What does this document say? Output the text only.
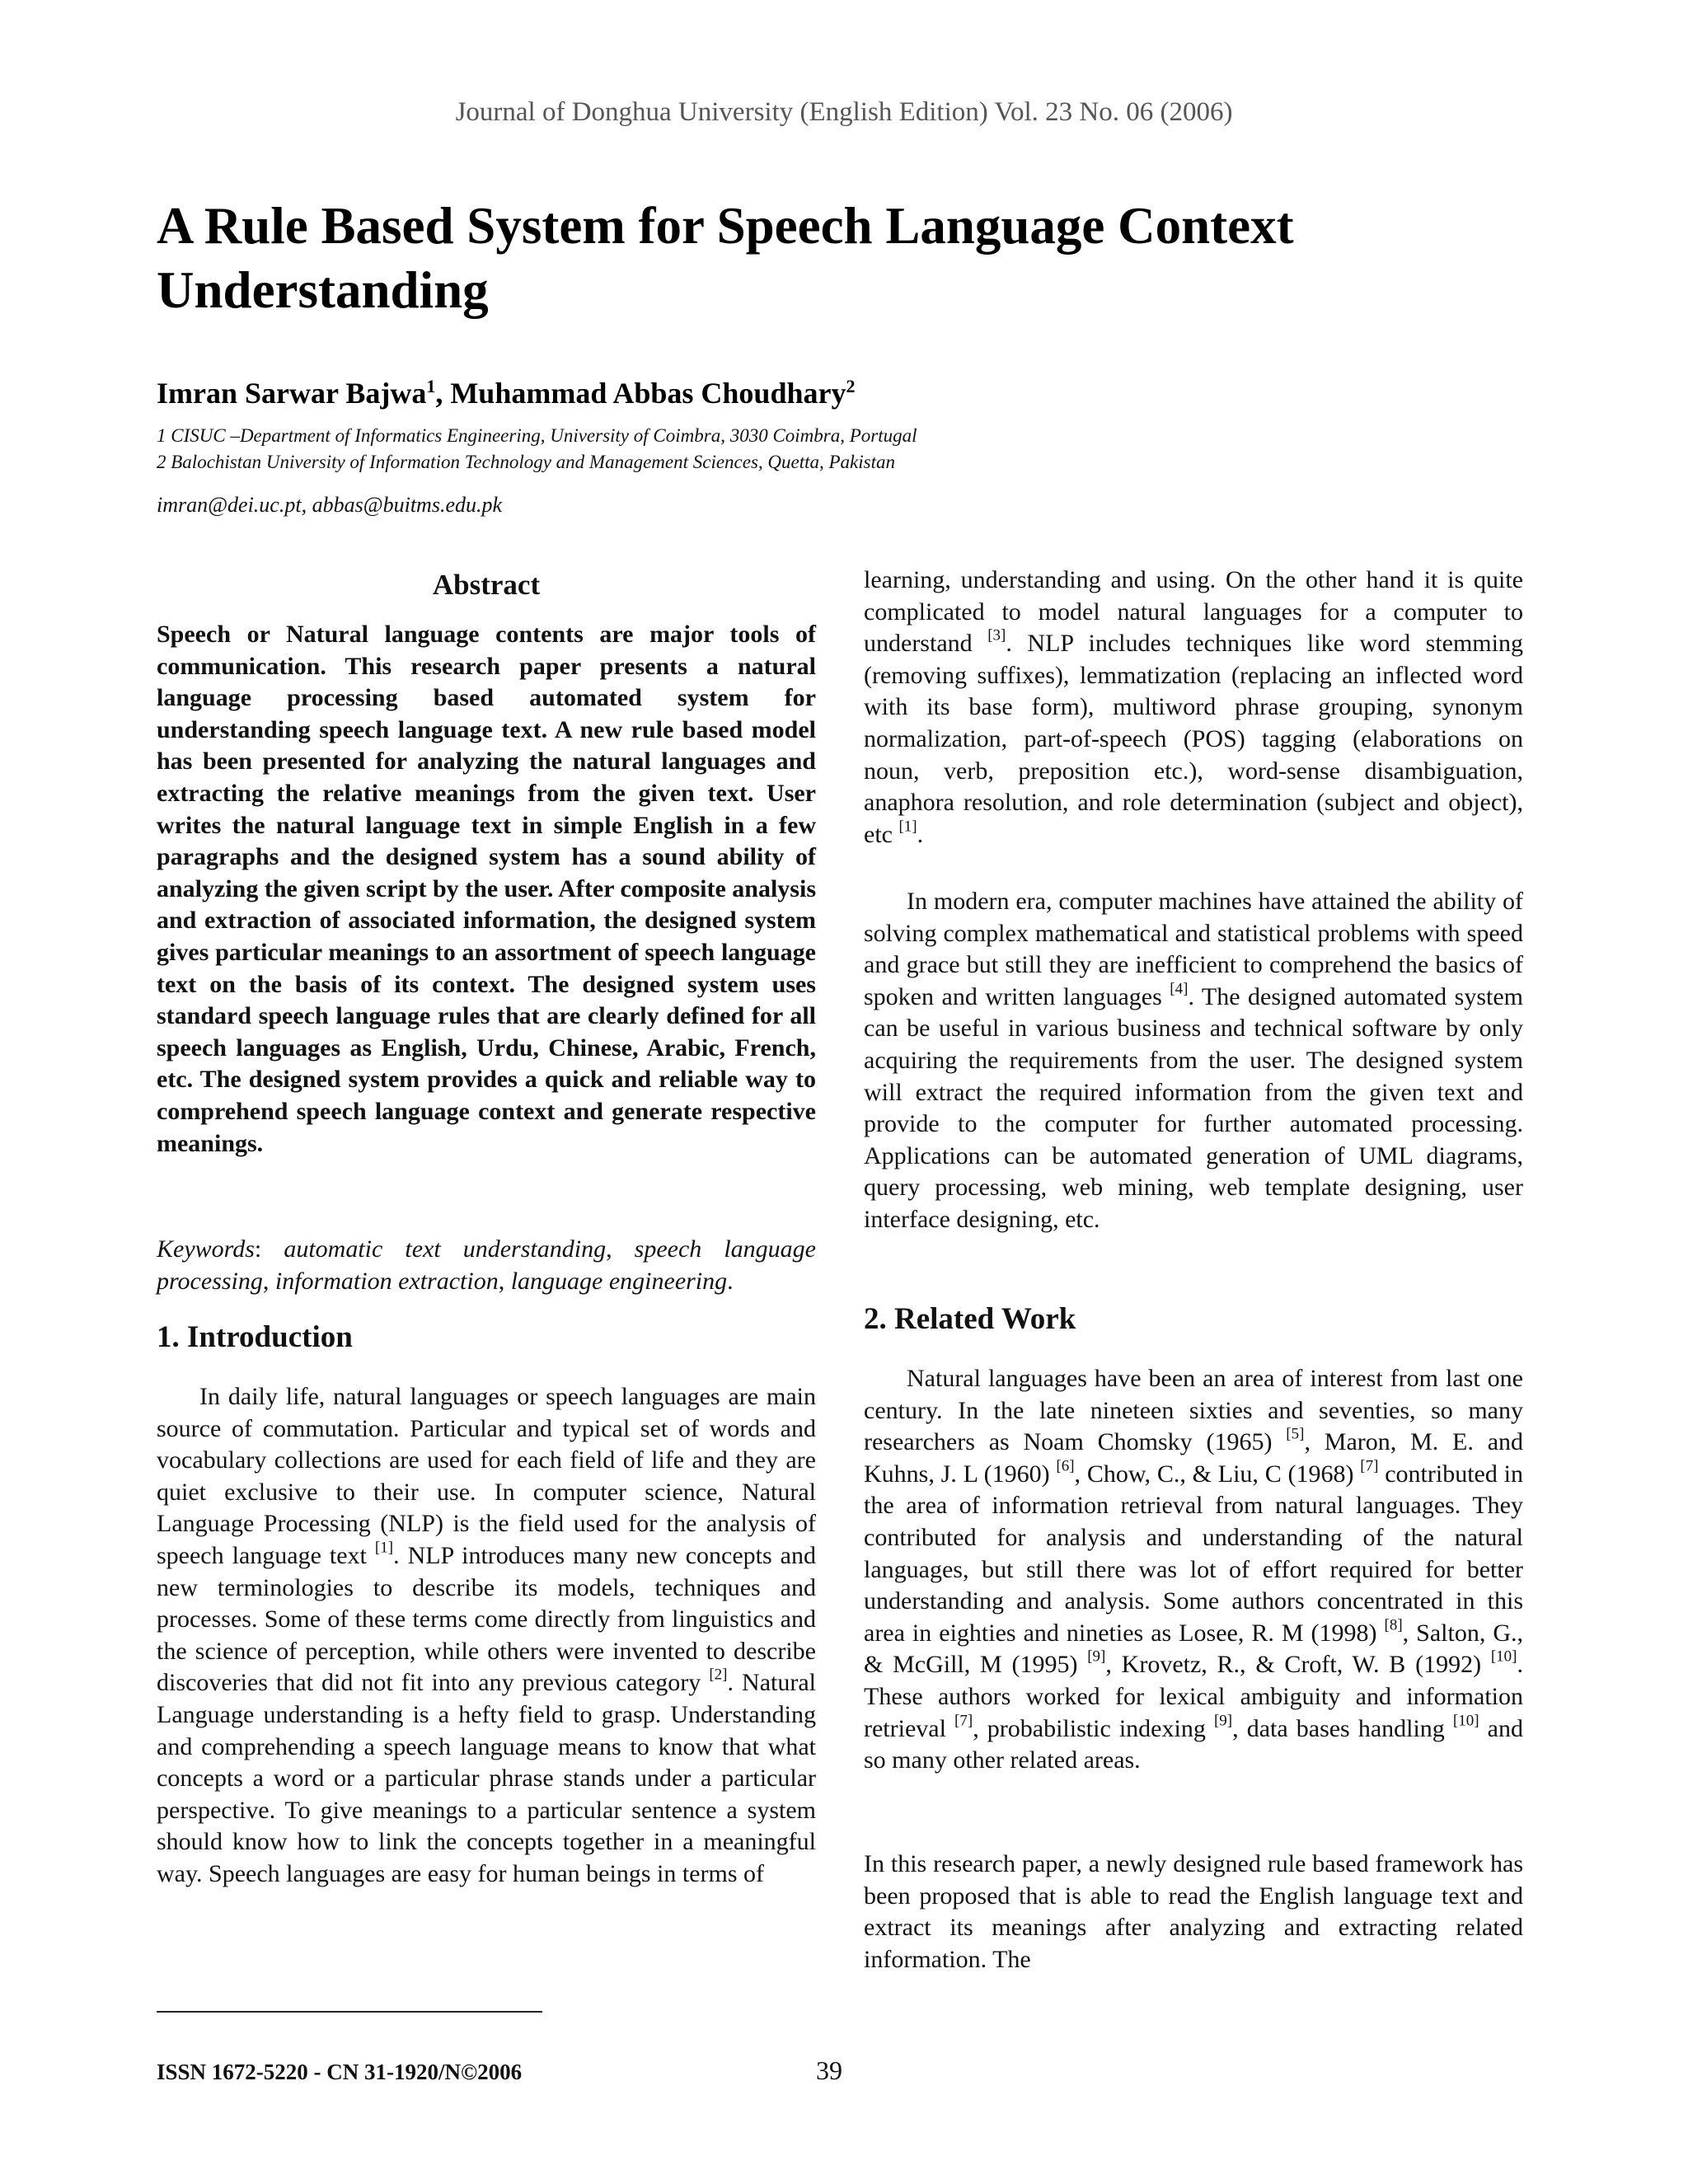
Journal of Donghua University (English Edition) Vol. 23 No. 06 (2006)
A Rule Based System for Speech Language Context Understanding

Imran Sarwar Bajwa$^1$, Muhammad Abbas Choudhary$^2$

1 CISUC –Department of Informatics Engineering, University of Coimbra, 3030 Coimbra, Portugal
2 Balochistan University of Information Technology and Management Sciences, Quetta, Pakistan
imran@dei.uc.pt, abbas@buitms.edu.pk
Abstract

Speech or Natural language contents are major tools of communication. This research paper presents a natural language processing based automated system for understanding speech language text. A new rule based model has been presented for analyzing the natural languages and extracting the relative meanings from the given text. User writes the natural language text in simple English in a few paragraphs and the designed system has a sound ability of analyzing the given script by the user. After composite analysis and extraction of associated information, the designed system gives particular meanings to an assortment of speech language text on the basis of its context. The designed system uses standard speech language rules that are clearly defined for all speech languages as English, Urdu, Chinese, Arabic, French, etc. The designed system provides a quick and reliable way to comprehend speech language context and generate respective meanings.

Keywords: automatic text understanding, speech language processing, information extraction, language engineering.

1. Introduction

In daily life, natural languages or speech languages are main source of commutation. Particular and typical set of words and vocabulary collections are used for each field of life and they are quiet exclusive to their use. In computer science, Natural Language Processing (NLP) is the field used for the analysis of speech language text [1]. NLP introduces many new concepts and new terminologies to describe its models, techniques and processes. Some of these terms come directly from linguistics and the science of perception, while others were invented to describe discoveries that did not fit into any previous category [2]. Natural Language understanding is a hefty field to grasp. Understanding and comprehending a speech language means to know that what concepts a word or a particular phrase stands under a particular perspective. To give meanings to a particular sentence a system should know how to link the concepts together in a meaningful way. Speech languages are easy for human beings in terms of

learning, understanding and using. On the other hand it is quite complicated to model natural languages for a computer to understand [3]. NLP includes techniques like word stemming (removing suffixes), lemmatization (replacing an inflected word with its base form), multiword phrase grouping, synonym normalization, part-of-speech (POS) tagging (elaborations on noun, verb, preposition etc.), word-sense disambiguation, anaphora resolution, and role determination (subject and object), etc [1].

In modern era, computer machines have attained the ability of solving complex mathematical and statistical problems with speed and grace but still they are inefficient to comprehend the basics of spoken and written languages [4]. The designed automated system can be useful in various business and technical software by only acquiring the requirements from the user. The designed system will extract the required information from the given text and provide to the computer for further automated processing. Applications can be automated generation of UML diagrams, query processing, web mining, web template designing, user interface designing, etc.

2. Related Work

Natural languages have been an area of interest from last one century. In the late nineteen sixties and seventies, so many researchers as Noam Chomsky (1965) [5], Maron, M. E. and Kuhns, J. L (1960) [6], Chow, C., & Liu, C (1968) [7] contributed in the area of information retrieval from natural languages. They contributed for analysis and understanding of the natural languages, but still there was lot of effort required for better understanding and analysis. Some authors concentrated in this area in eighties and nineties as Losee, R. M (1998) [8], Salton, G., & McGill, M (1995) [9], Krovetz, R., & Croft, W. B (1992) [10]. These authors worked for lexical ambiguity and information retrieval [7], probabilistic indexing [9], data bases handling [10] and so many other related areas.

In this research paper, a newly designed rule based framework has been proposed that is able to read the English language text and extract its meanings after analyzing and extracting related information. The

ISSN 1672-5220 - CN 31-1920/N©2006	39
